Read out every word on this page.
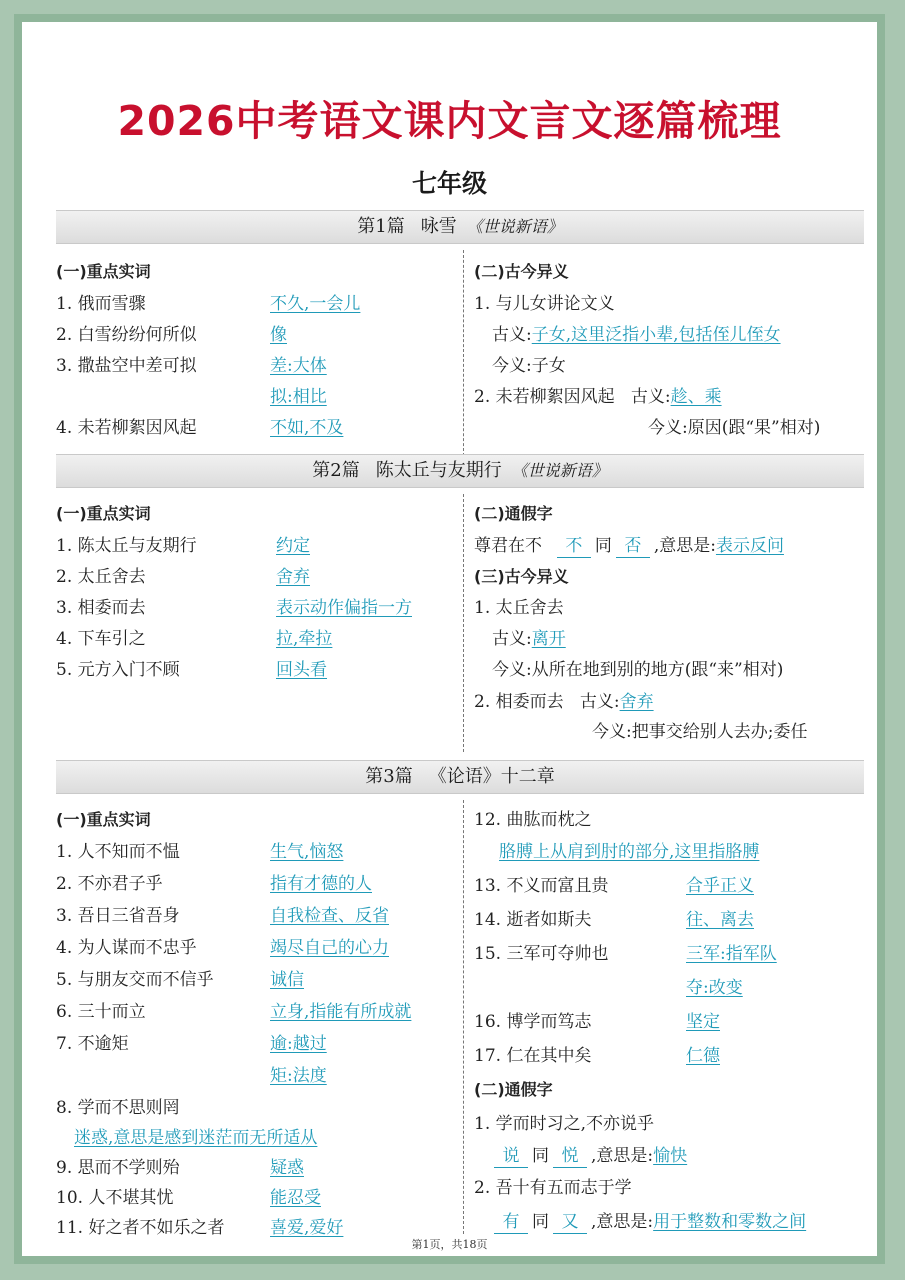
2026中考语文课内文言文逐篇梳理
七年级
第1篇 咏雪 《世说新语》
(一)重点实词
1. 俄而雪骤	不久,一会儿
2. 白雪纷纷何所似	像
3. 撒盐空中差可拟	差:大体
拟:相比
4. 未若柳絮因风起	不如,不及
(二)古今异义
1. 与儿女讲论文义
古义:子女,这里泛指小辈,包括侄儿侄女
今义:子女
2. 未若柳絮因风起 古义:趁、乘
今义:原因(跟“果”相对)
第2篇 陈太丘与友期行 《世说新语》
(一)重点实词
1. 陈太丘与友期行	约定
2. 太丘舍去	舍弃
3. 相委而去	表示动作偏指一方
4. 下车引之	拉,牵拉
5. 元方入门不顾	回头看
(二)通假字
尊君在不 不 同 否 ,意思是:表示反问
(三)古今异义
1. 太丘舍去
古义:离开
今义:从所在地到别的地方(跟“来”相对)
2. 相委而去 古义:舍弃
今义:把事交给别人去办;委任
第3篇 《论语》十二章
(一)重点实词
1. 人不知而不愠	生气,恼怒
2. 不亦君子乎	指有才德的人
3. 吾日三省吾身	自我检查、反省
4. 为人谋而不忠乎	竭尽自己的心力
5. 与朋友交而不信乎	诚信
6. 三十而立	立身,指能有所成就
7. 不逾矩	逾:越过
矩:法度
8. 学而不思则罔
迷惑,意思是感到迷茫而无所适从
9. 思而不学则殆	疑惑
10. 人不堪其忧	能忍受
11. 好之者不如乐之者	喜爱,爱好
12. 曲肱而枕之
胳膊上从肩到肘的部分,这里指胳膊
13. 不义而富且贵	合乎正义
14. 逝者如斯夫	往、离去
15. 三军可夺帅也	三军:指军队
夺:改变
16. 博学而笃志	坚定
17. 仁在其中矣	仁德
(二)通假字
1. 学而时习之,不亦说乎
说 同 悦 ,意思是:愉快
2. 吾十有五而志于学
有 同 又 ,意思是:用于整数和零数之间
第1页，共18页
